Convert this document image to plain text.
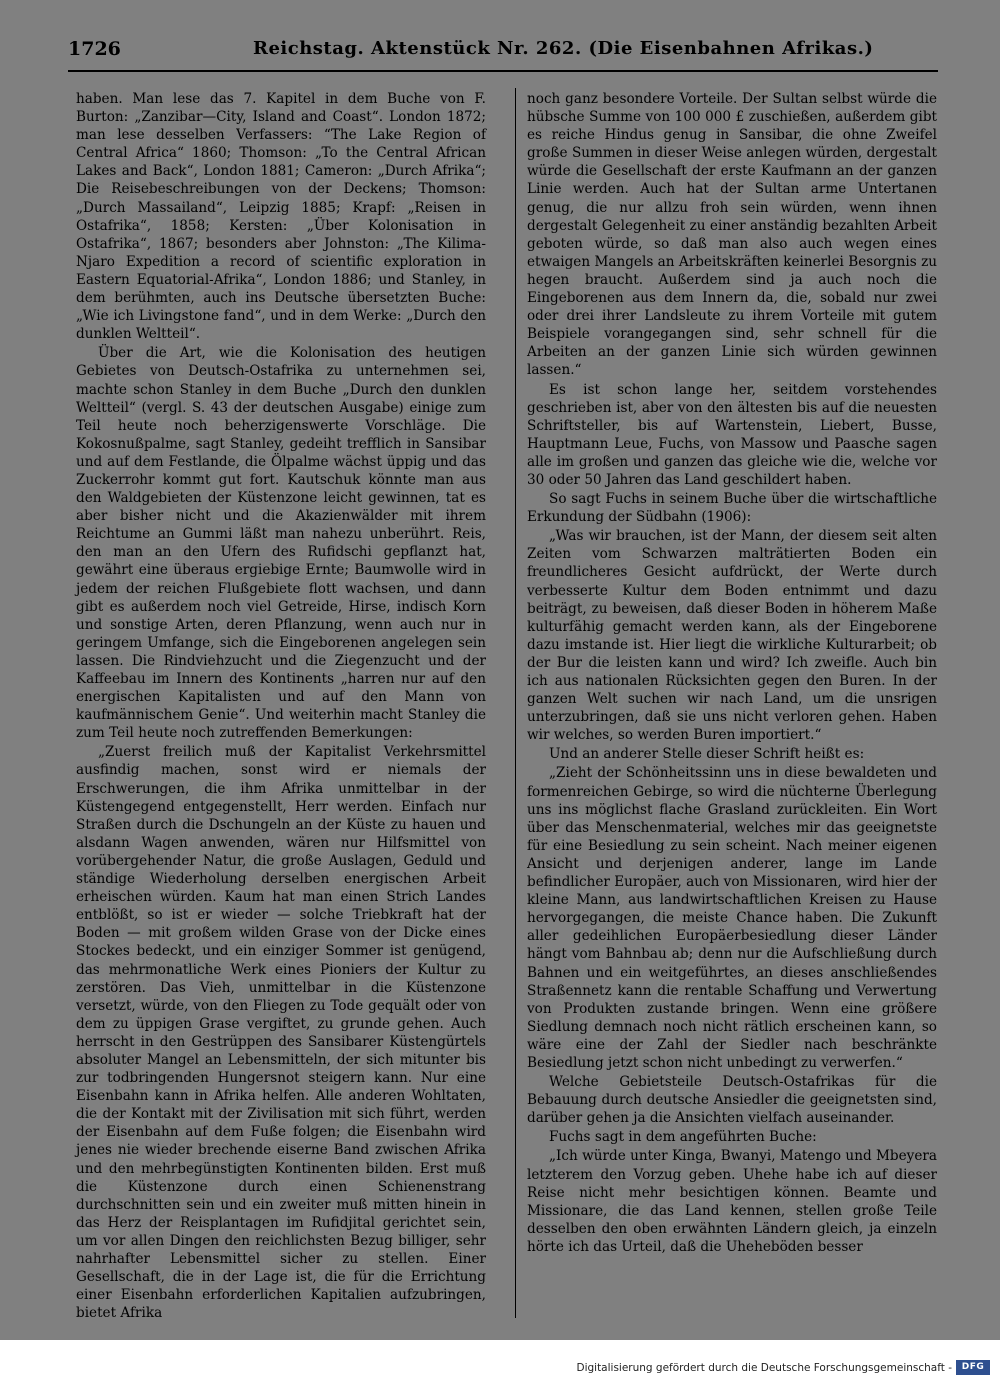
1726	Reichstag. Aktenstück Nr. 262. (Die Eisenbahnen Afrikas.)

haben. Man lese das 7. Kapitel in dem Buche von F. Burton: „Zanzibar—City, Island and Coast“. London 1872; man lese desselben Verfassers: “The Lake Region of Central Africa“ 1860; Thomson: „To the Central African Lakes and Back“, London 1881; Cameron: „Durch Afrika“; Die Reisebeschreibungen von der Deckens; Thomson: „Durch Massailand“, Leipzig 1885; Krapf: „Reisen in Ostafrika“, 1858; Kersten: „Über Kolonisation in Ostafrika“, 1867; besonders aber Johnston: „The Kilima-Njaro Expedition a record of scientific exploration in Eastern Equatorial-Afrika“, London 1886; und Stanley, in dem berühmten, auch ins Deutsche übersetzten Buche: „Wie ich Livingstone fand“, und in dem Werke: „Durch den dunklen Weltteil“.

Über die Art, wie die Kolonisation des heutigen Gebietes von Deutsch-Ostafrika zu unternehmen sei, machte schon Stanley in dem Buche „Durch den dunklen Weltteil“ (vergl. S. 43 der deutschen Ausgabe) einige zum Teil heute noch beherzigenswerte Vorschläge. Die Kokosnußpalme, sagt Stanley, gedeiht trefflich in Sansibar und auf dem Festlande, die Ölpalme wächst üppig und das Zuckerrohr kommt gut fort. Kautschuk könnte man aus den Waldgebieten der Küstenzone leicht gewinnen, tat es aber bisher nicht und die Akazienwälder mit ihrem Reichtume an Gummi läßt man nahezu unberührt. Reis, den man an den Ufern des Rufidschi gepflanzt hat, gewährt eine überaus ergiebige Ernte; Baumwolle wird in jedem der reichen Flußgebiete flott wachsen, und dann gibt es außerdem noch viel Getreide, Hirse, indisch Korn und sonstige Arten, deren Pflanzung, wenn auch nur in geringem Umfange, sich die Eingeborenen angelegen sein lassen. Die Rindviehzucht und die Ziegenzucht und der Kaffeebau im Innern des Kontinents „harren nur auf den energischen Kapitalisten und auf den Mann von kaufmännischem Genie“. Und weiterhin macht Stanley die zum Teil heute noch zutreffenden Bemerkungen:

„Zuerst freilich muß der Kapitalist Verkehrsmittel ausfindig machen, sonst wird er niemals der Erschwerungen, die ihm Afrika unmittelbar in der Küstengegend entgegenstellt, Herr werden. Einfach nur Straßen durch die Dschungeln an der Küste zu hauen und alsdann Wagen anwenden, wären nur Hilfsmittel von vorübergehender Natur, die große Auslagen, Geduld und ständige Wiederholung derselben energischen Arbeit erheischen würden. Kaum hat man einen Strich Landes entblößt, so ist er wieder — solche Triebkraft hat der Boden — mit großem wilden Grase von der Dicke eines Stockes bedeckt, und ein einziger Sommer ist genügend, das mehrmonatliche Werk eines Pioniers der Kultur zu zerstören. Das Vieh, unmittelbar in die Küstenzone versetzt, würde, von den Fliegen zu Tode gequält oder von dem zu üppigen Grase vergiftet, zu grunde gehen. Auch herrscht in den Gestrüppen des Sansibarer Küstengürtels absoluter Mangel an Lebensmitteln, der sich mitunter bis zur todbringenden Hungersnot steigern kann. Nur eine Eisenbahn kann in Afrika helfen. Alle anderen Wohltaten, die der Kontakt mit der Zivilisation mit sich führt, werden der Eisenbahn auf dem Fuße folgen; die Eisenbahn wird jenes nie wieder brechende eiserne Band zwischen Afrika und den mehrbegünstigten Kontinenten bilden. Erst muß die Küstenzone durch einen Schienenstrang durchschnitten sein und ein zweiter muß mitten hinein in das Herz der Reisplantagen im Rufidjital gerichtet sein, um vor allen Dingen den reichlichsten Bezug billiger, sehr nahrhafter Lebensmittel sicher zu stellen. Einer Gesellschaft, die in der Lage ist, die für die Errichtung einer Eisenbahn erforderlichen Kapitalien aufzubringen, bietet Afrika

noch ganz besondere Vorteile. Der Sultan selbst würde die hübsche Summe von 100 000 £ zuschießen, außerdem gibt es reiche Hindus genug in Sansibar, die ohne Zweifel große Summen in dieser Weise anlegen würden, dergestalt würde die Gesellschaft der erste Kaufmann an der ganzen Linie werden. Auch hat der Sultan arme Untertanen genug, die nur allzu froh sein würden, wenn ihnen dergestalt Gelegenheit zu einer anständig bezahlten Arbeit geboten würde, so daß man also auch wegen eines etwaigen Mangels an Arbeitskräften keinerlei Besorgnis zu hegen braucht. Außerdem sind ja auch noch die Eingeborenen aus dem Innern da, die, sobald nur zwei oder drei ihrer Landsleute zu ihrem Vorteile mit gutem Beispiele vorangegangen sind, sehr schnell für die Arbeiten an der ganzen Linie sich würden gewinnen lassen.“

Es ist schon lange her, seitdem vorstehendes geschrieben ist, aber von den ältesten bis auf die neuesten Schriftsteller, bis auf Wartenstein, Liebert, Busse, Hauptmann Leue, Fuchs, von Massow und Paasche sagen alle im großen und ganzen das gleiche wie die, welche vor 30 oder 50 Jahren das Land geschildert haben.

So sagt Fuchs in seinem Buche über die wirtschaftliche Erkundung der Südbahn (1906):

„Was wir brauchen, ist der Mann, der diesem seit alten Zeiten vom Schwarzen malträtierten Boden ein freundlicheres Gesicht aufdrückt, der Werte durch verbesserte Kultur dem Boden entnimmt und dazu beiträgt, zu beweisen, daß dieser Boden in höherem Maße kulturfähig gemacht werden kann, als der Eingeborene dazu imstande ist. Hier liegt die wirkliche Kulturarbeit; ob der Bur die leisten kann und wird? Ich zweifle. Auch bin ich aus nationalen Rücksichten gegen den Buren. In der ganzen Welt suchen wir nach Land, um die unsrigen unterzubringen, daß sie uns nicht verloren gehen. Haben wir welches, so werden Buren importiert.“

Und an anderer Stelle dieser Schrift heißt es:

„Zieht der Schönheitssinn uns in diese bewaldeten und formenreichen Gebirge, so wird die nüchterne Überlegung uns ins möglichst flache Grasland zurückleiten. Ein Wort über das Menschenmaterial, welches mir das geeignetste für eine Besiedlung zu sein scheint. Nach meiner eigenen Ansicht und derjenigen anderer, lange im Lande befindlicher Europäer, auch von Missionaren, wird hier der kleine Mann, aus landwirtschaftlichen Kreisen zu Hause hervorgegangen, die meiste Chance haben. Die Zukunft aller gedeihlichen Europäerbesiedlung dieser Länder hängt vom Bahnbau ab; denn nur die Aufschließung durch Bahnen und ein weitgeführtes, an dieses anschließendes Straßennetz kann die rentable Schaffung und Verwertung von Produkten zustande bringen. Wenn eine größere Siedlung demnach noch nicht rätlich erscheinen kann, so wäre eine der Zahl der Siedler nach beschränkte Besiedlung jetzt schon nicht unbedingt zu verwerfen.“

Welche Gebietsteile Deutsch-Ostafrikas für die Bebauung durch deutsche Ansiedler die geeignetsten sind, darüber gehen ja die Ansichten vielfach auseinander.

Fuchs sagt in dem angeführten Buche:

„Ich würde unter Kinga, Bwanyi, Matengo und Mbeyera letzterem den Vorzug geben. Uhehe habe ich auf dieser Reise nicht mehr besichtigen können. Beamte und Missionare, die das Land kennen, stellen große Teile desselben den oben erwähnten Ländern gleich, ja einzeln hörte ich das Urteil, daß die Uheheböden besser

Digitalisierung gefördert durch die Deutsche Forschungsgemeinschaft -	DFG
